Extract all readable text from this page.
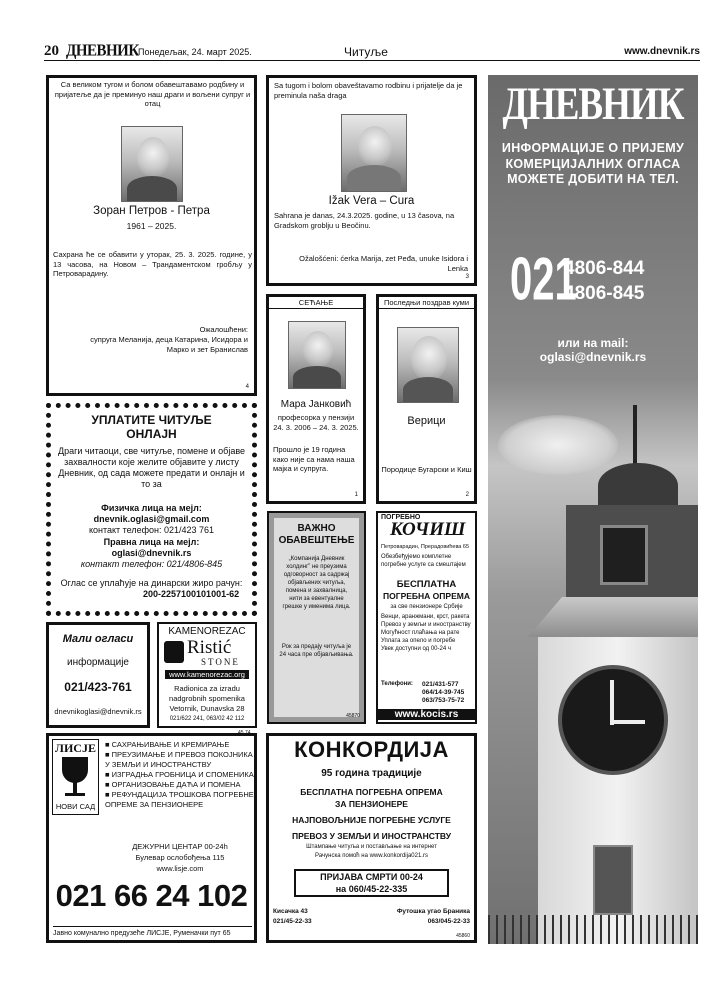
20 ДНЕВНИК Понедељак, 24. март 2025.	Читуље	www.dnevnik.rs

Са великом тугом и болом обавештавамо родбину и пријатеље да је преминуо наш драги и вољени супруг и отац

Зоран Петров - Петра

1961 – 2025.

Сахрана ће се обавити у уторак, 25. 3. 2025. године, у 13 часова, на Новом – Трандаментском гробљу у Петроварадину.

Ожалошћени:

супруга Меланија, деца Катарина, Исидора и Марко и зет Бранислав

4

Sa tugom i bolom obaveštavamo rodbinu i prijatelje da je preminula naša draga

Ižak Vera – Cura

Sahrana je danas, 24.3.2025. godine, u 13 časova, na Gradskom groblju u Beočinu.

Ožalošćeni: ćerka Marija, zet Peđa, unuke Isidora i Lenka

3

СЕЋАЊЕ

Мара Јанковић

професорка у пензији

24. 3. 2006 – 24. 3. 2025.

Прошло је 19 година како није са нама наша мајка и супруга.

1

Последњи поздрав куми

Верици

Породице Бугарски и Киш

2

УПЛАТИТЕ ЧИТУЉЕ

ОНЛАЈН

Драги читаоци, све читуље, помене и објаве захвалности које желите објавите у листу Дневник, од сада можете предати и онлајн и то за

Физичка лица на мејл:

dnevnik.oglasi@gmail.com

контакт телефон: 021/423 761

Правна лица на мејл:

oglasi@dnevnik.rs

контакт телефон: 021/4806-845

Оглас се уплаћује на динарски жиро рачун:

200-2257100101001-62

Мали огласи

информације

021/423-761

dnevnikoglasi@dnevnik.rs

KAMENOREZAC

Ristić

STONE

www.kamenorezac.org

Radionica za izradu

nadgrobnih spomenika

Vetornik, Dunavska 28

021/622 241, 063/02 42 112

ВАЖНО

ОБАВЕШТЕЊЕ

„Компанија Дневник холдинг” не преузима одговорност за садржај објављених читуља, помена и захвалница, нити за евентуалне грешке у именима лица.

Рок за предају читуља је 24 часа пре објављивања.

45870

ПОГРЕБНО

КОЧИШ

Петроварадин, Прерадовићева 65

Обезбеђујемо комплетне погребне услуге са смештајем

БЕСПЛАТНА

ПОГРЕБНА ОПРЕМА

за све пензионере Србије

Венци, аранжмани, крст, ракета

Превоз у земљи и иностранству

Могућност плаћања на рате

Уплата за опело и погребе

Увек доступни од 00-24 ч

Телефони: 021/431-577

064/14-39-745

063/753-75-72

www.kocis.rs

ЛИСЈЕ

НОВИ САД

■ САХРАЊИВАЊЕ И КРЕМИРАЊЕ

■ ПРЕУЗИМАЊЕ И ПРЕВОЗ ПОКОЈНИКА У ЗЕМЉИ И ИНОСТРАНСТВУ

■ ИЗГРАДЊА ГРОБНИЦА И СПОМЕНИКА

■ ОРГАНИЗОВАЊЕ ДАЋА И ПОМЕНА

■ РЕФУНДАЦИЈА ТРОШКОВА ПОГРЕБНЕ ОПРЕМЕ ЗА ПЕНЗИОНЕРЕ

ДЕЖУРНИ ЦЕНТАР 00-24h

Булевар ослобођења 115

www.lisje.com

021 66 24 102

Јавно комунално предузеће ЛИСЈЕ, Руменачки пут 65

КОНКОРДИЈА

95 година традиције

БЕСПЛАТНА ПОГРЕБНА ОПРЕМА

ЗА ПЕНЗИОНЕРЕ

НАЈПОВОЉНИЈЕ ПОГРЕБНЕ УСЛУГЕ

ПРЕВОЗ У ЗЕМЉИ И ИНОСТРАНСТВУ

Штампање читуља и постављање на интернет

Рачунска помоћ на www.konkordija021.rs

ПРИЈАВА СМРТИ 00-24

на 060/45-22-335

Кисачка 43

021/45-22-33

Футошка угао Браника

063/045-22-33

45860

ДНЕВНИК

ИНФОРМАЦИЈЕ О ПРИЈЕМУ КОМЕРЦИЈАЛНИХ ОГЛАСА МОЖЕТЕ ДОБИТИ НА ТЕЛ.

021

4806-844

4806-845

или на mail:

oglasi@dnevnik.rs
